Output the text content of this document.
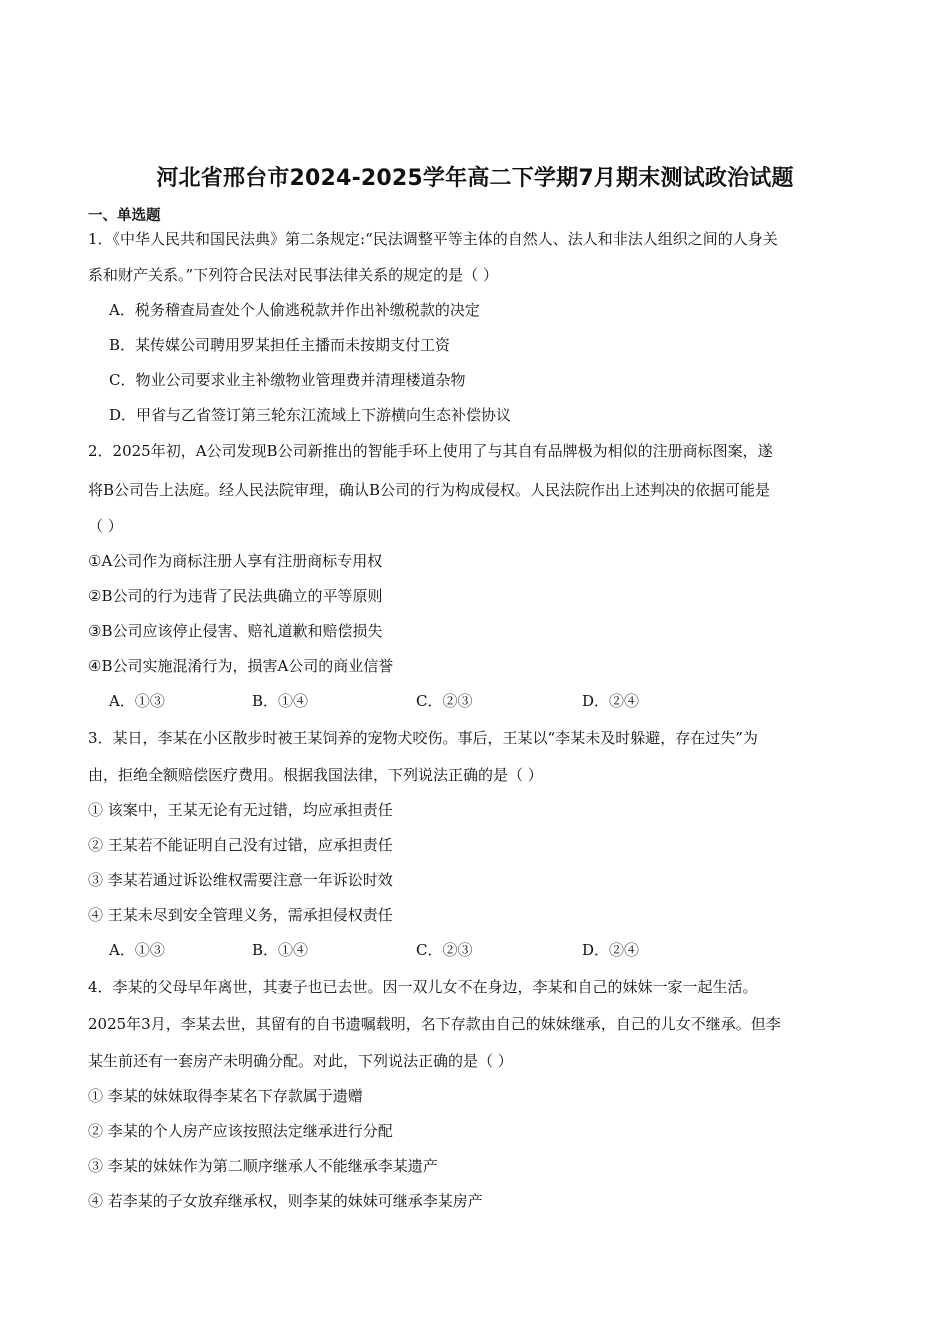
河北省邢台市2024-2025学年高二下学期7月期末测试政治试题
一、单选题
1．《中华人民共和国民法典》第二条规定:“民法调整平等主体的自然人、法人和非法人组织之间的人身关
系和财产关系。”下列符合民法对民事法律关系的规定的是（ ）
A．税务稽查局查处个人偷逃税款并作出补缴税款的决定
B．某传媒公司聘用罗某担任主播而未按期支付工资
C．物业公司要求业主补缴物业管理费并清理楼道杂物
D．甲省与乙省签订第三轮东江流域上下游横向生态补偿协议
2．2025年初，A公司发现B公司新推出的智能手环上使用了与其自有品牌极为相似的注册商标图案，遂
将B公司告上法庭。经人民法院审理，确认B公司的行为构成侵权。人民法院作出上述判决的依据可能是
（ ）
①A公司作为商标注册人享有注册商标专用权
②B公司的行为违背了民法典确立的平等原则
③B公司应该停止侵害、赔礼道歉和赔偿损失
④B公司实施混淆行为，损害A公司的商业信誉
A．①③	B．①④	C．②③	D．②④
3．某日，李某在小区散步时被王某饲养的宠物犬咬伤。事后，王某以“李某未及时躲避，存在过失”为
由，拒绝全额赔偿医疗费用。根据我国法律，下列说法正确的是（ ）
① 该案中，王某无论有无过错，均应承担责任
② 王某若不能证明自己没有过错，应承担责任
③ 李某若通过诉讼维权需要注意一年诉讼时效
④ 王某未尽到安全管理义务，需承担侵权责任
A．①③	B．①④	C．②③	D．②④
4．李某的父母早年离世，其妻子也已去世。因一双儿女不在身边，李某和自己的妹妹一家一起生活。
2025年3月，李某去世，其留有的自书遗嘱载明，名下存款由自己的妹妹继承，自己的儿女不继承。但李
某生前还有一套房产未明确分配。对此，下列说法正确的是（ ）
① 李某的妹妹取得李某名下存款属于遗赠
② 李某的个人房产应该按照法定继承进行分配
③ 李某的妹妹作为第二顺序继承人不能继承李某遗产
④ 若李某的子女放弃继承权，则李某的妹妹可继承李某房产
